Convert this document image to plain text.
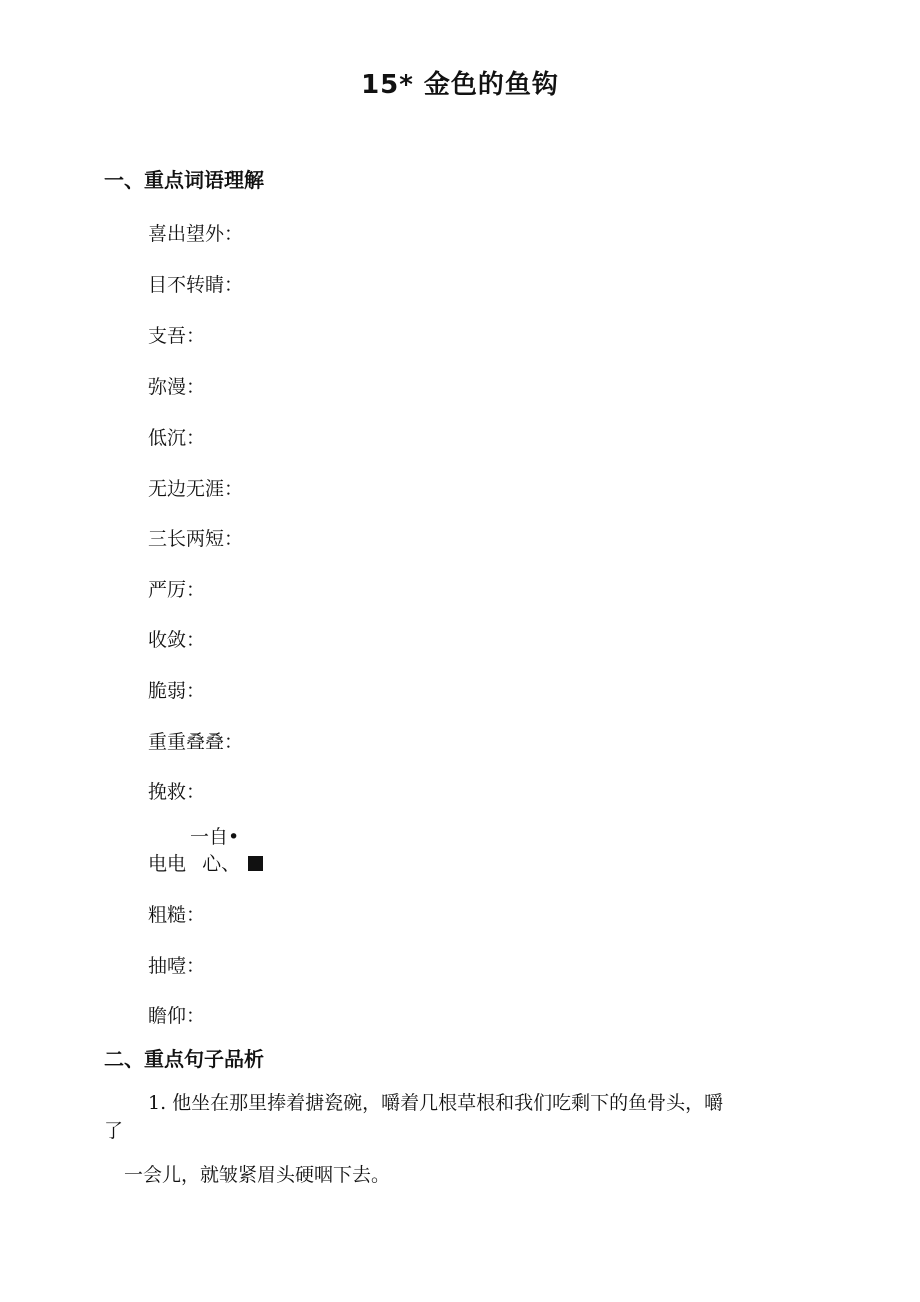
15* 金色的鱼钩
一、重点词语理解
喜出望外：
目不转睛：
支吾：
弥漫：
低沉：
无边无涯：
三长两短：
严厉：
收敛：
脆弱：
重重叠叠：
挽救：
一自•
电电 心、
粗糙：
抽噎：
瞻仰：
二、重点句子品析
1. 他坐在那里捧着搪瓷碗，嚼着几根草根和我们吃剩下的鱼骨头，嚼
了
一会儿，就皱紧眉头硬咽下去。
